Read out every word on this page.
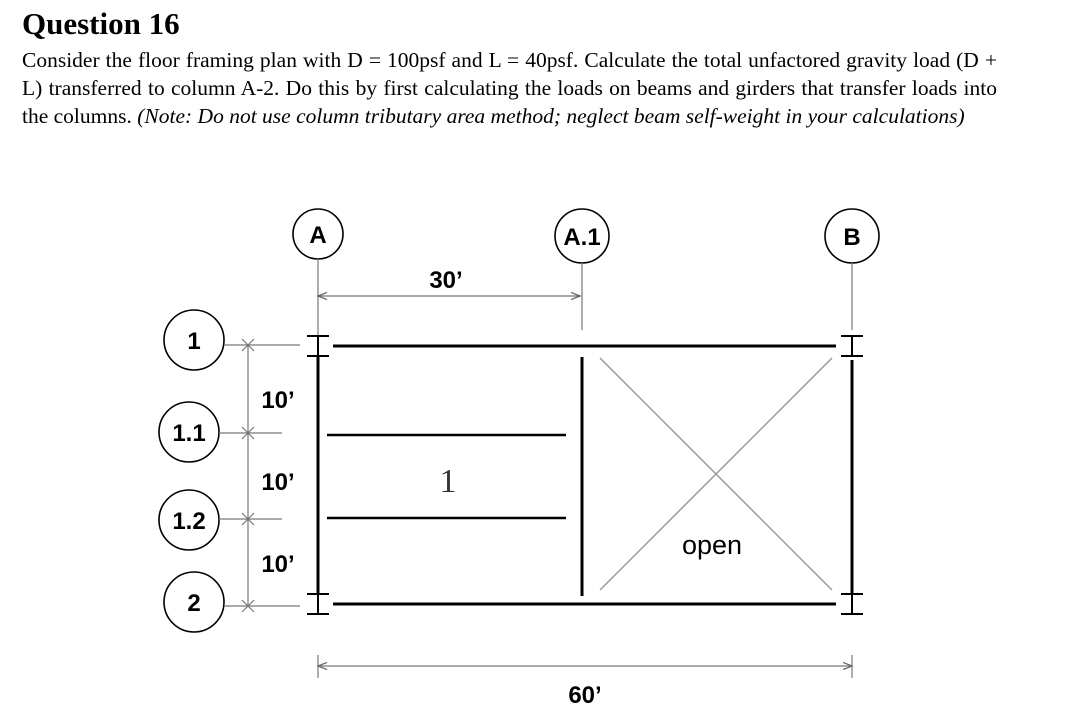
Question 16

Consider the floor framing plan with D = 100psf and L = 40psf. Calculate the total unfactored gravity load (D + L) transferred to column A-2. Do this by first calculating the loads on beams and girders that transfer loads into the columns. (Note: Do not use column tributary area method; neglect beam self-weight in your calculations)

A	A.1	B
1
1.1
1.2
2
30’
60’
10’
10’
10’
open
1
